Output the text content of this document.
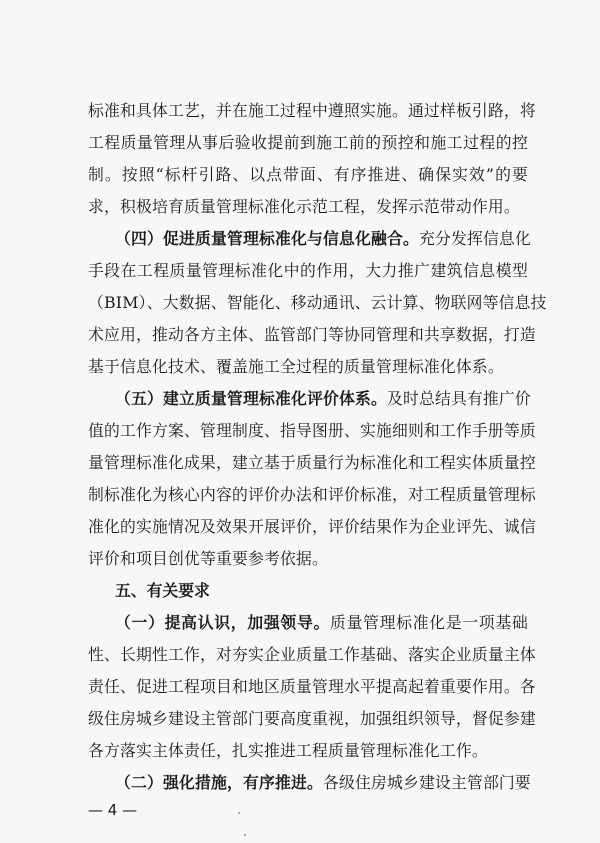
标准和具体工艺，并在施工过程中遵照实施。通过样板引路，将
工程质量管理从事后验收提前到施工前的预控和施工过程的控
制。按照“标杆引路、以点带面、有序推进、确保实效”的要
求，积极培育质量管理标准化示范工程，发挥示范带动作用。
（四）促进质量管理标准化与信息化融合。充分发挥信息化
手段在工程质量管理标准化中的作用，大力推广建筑信息模型
（BIM）、大数据、智能化、移动通讯、云计算、物联网等信息技
术应用，推动各方主体、监管部门等协同管理和共享数据，打造
基于信息化技术、覆盖施工全过程的质量管理标准化体系。
（五）建立质量管理标准化评价体系。及时总结具有推广价
值的工作方案、管理制度、指导图册、实施细则和工作手册等质
量管理标准化成果，建立基于质量行为标准化和工程实体质量控
制标准化为核心内容的评价办法和评价标准，对工程质量管理标
准化的实施情况及效果开展评价，评价结果作为企业评先、诚信
评价和项目创优等重要参考依据。
五、有关要求
（一）提高认识，加强领导。质量管理标准化是一项基础
性、长期性工作，对夯实企业质量工作基础、落实企业质量主体
责任、促进工程项目和地区质量管理水平提高起着重要作用。各
级住房城乡建设主管部门要高度重视，加强组织领导，督促参建
各方落实主体责任，扎实推进工程质量管理标准化工作。
（二）强化措施，有序推进。各级住房城乡建设主管部门要
— 4 —
